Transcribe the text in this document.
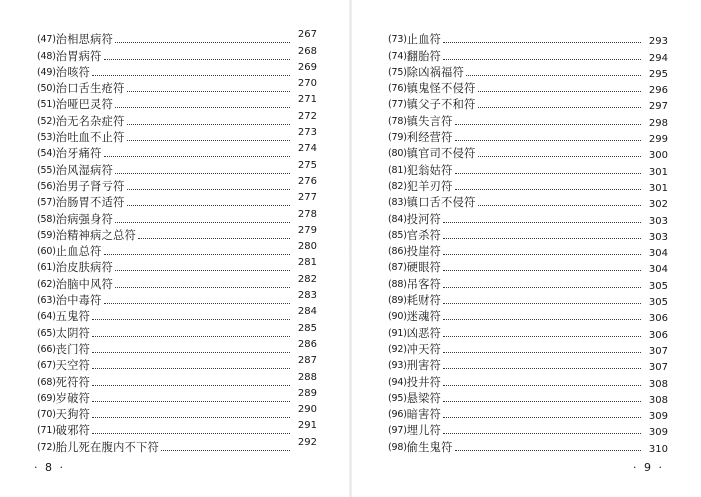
(47) 治相思病符	267
(48) 治胃病符	268
(49) 治咳符	269
(50) 治口舌生疮符	270
(51) 治哑巴灵符	271
(52) 治无名杂症符	272
(53) 治吐血不止符	273
(54) 治牙痛符	274
(55) 治风湿病符	275
(56) 治男子肾亏符	276
(57) 治肠胃不适符	277
(58) 治病强身符	278
(59) 治精神病之总符	279
(60) 止血总符	280
(61) 治皮肤病符	281
(62) 治脑中风符	282
(63) 治中毒符	283
(64) 五鬼符	284
(65) 太阴符	285
(66) 丧门符	286
(67) 天空符	287
(68) 死符符	288
(69) 岁破符	289
(70) 天狗符	290
(71) 破邪符	291
(72) 胎儿死在腹内不下符	292
· 8 ·
(73) 止血符	293
(74) 翻胎符	294
(75) 除凶祸福符	295
(76) 镇鬼怪不侵符	296
(77) 镇父子不和符	297
(78) 镇失言符	298
(79) 利经营符	299
(80) 镇官司不侵符	300
(81) 犯翁姑符	301
(82) 犯羊刃符	301
(83) 镇口舌不侵符	302
(84) 投河符	303
(85) 官杀符	303
(86) 投崖符	304
(87) 硬眼符	304
(88) 吊客符	305
(89) 耗财符	305
(90) 迷魂符	306
(91) 凶恶符	306
(92) 冲天符	307
(93) 刑害符	307
(94) 投井符	308
(95) 悬梁符	308
(96) 暗害符	309
(97) 埋儿符	309
(98) 偷生鬼符	310
· 9 ·
